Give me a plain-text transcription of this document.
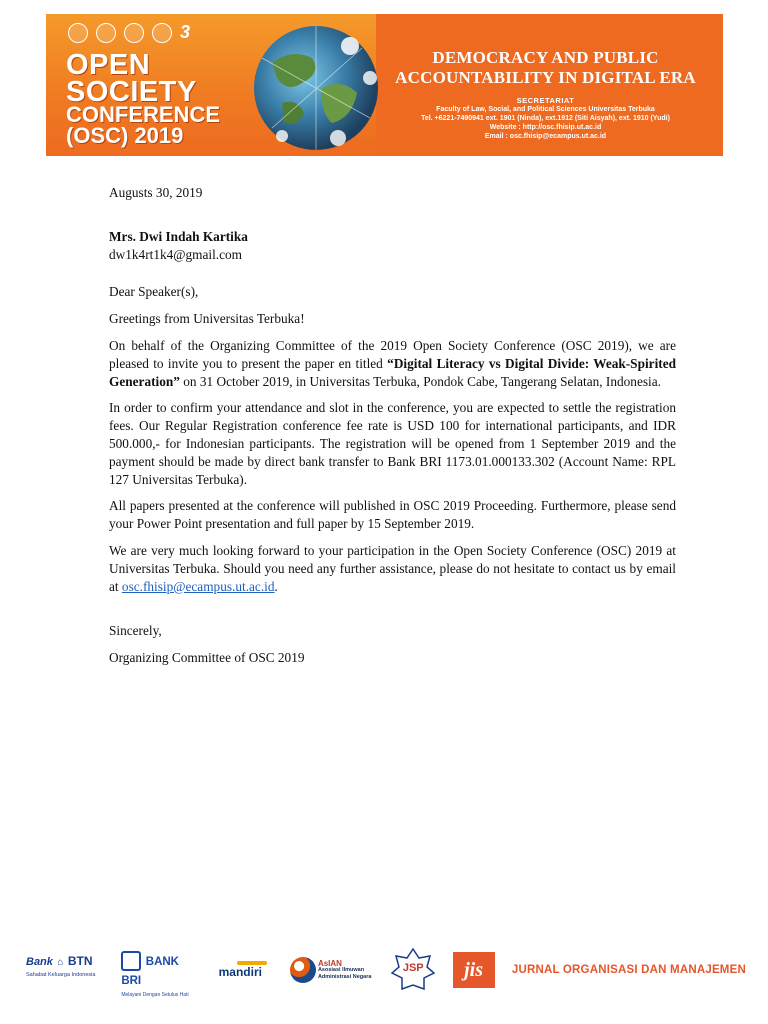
3
OPEN
SOCIETY
CONFERENCE
(OSC) 2019
DEMOCRACY AND PUBLIC
ACCOUNTABILITY IN DIGITAL ERA
SECRETARIAT
Faculty of Law, Social, and Political Sciences Universitas Terbuka
Tel. +6221-7490941 ext. 1901 (Ninda), ext.1912 (Siti Aisyah), ext. 1910 (Yudi)
Website : http://osc.fhisip.ut.ac.id
Email : osc.fhisip@ecampus.ut.ac.id

Augusts 30, 2019

Mrs. Dwi Indah Kartika

dw1k4rt1k4@gmail.com

Dear Speaker(s),

Greetings from Universitas Terbuka!

On behalf of the Organizing Committee of the 2019 Open Society Conference (OSC 2019), we are pleased to invite you to present the paper en titled “Digital Literacy vs Digital Divide: Weak-Spirited Generation” on 31 October 2019, in Universitas Terbuka, Pondok Cabe, Tangerang Selatan, Indonesia.

In order to confirm your attendance and slot in the conference, you are expected to settle the registration fees. Our Regular Registration conference fee rate is USD 100 for international participants, and IDR 500.000,- for Indonesian participants. The registration will be opened from 1 September 2019 and the payment should be made by direct bank transfer to Bank BRI 1173.01.000133.302 (Account Name: RPL 127 Universitas Terbuka).

All papers presented at the conference will published in OSC 2019 Proceeding. Furthermore, please send your Power Point presentation and full paper by 15 September 2019.

We are very much looking forward to your participation in the Open Society Conference (OSC) 2019 at Universitas Terbuka. Should you need any further assistance, please do not hesitate to contact us by email at osc.fhisip@ecampus.ut.ac.id.

Sincerely,

Organizing Committee of OSC 2019

Bank ⌂ BTN
Sahabat Keluarga Indonesia
BANK BRI
Melayani Dengan Setulus Hati
mandiri
AsIAN
Asosiasi Ilmuwan
Administrasi Negara
JSP	jis	JURNAL ORGANISASI DAN MANAJEMEN
